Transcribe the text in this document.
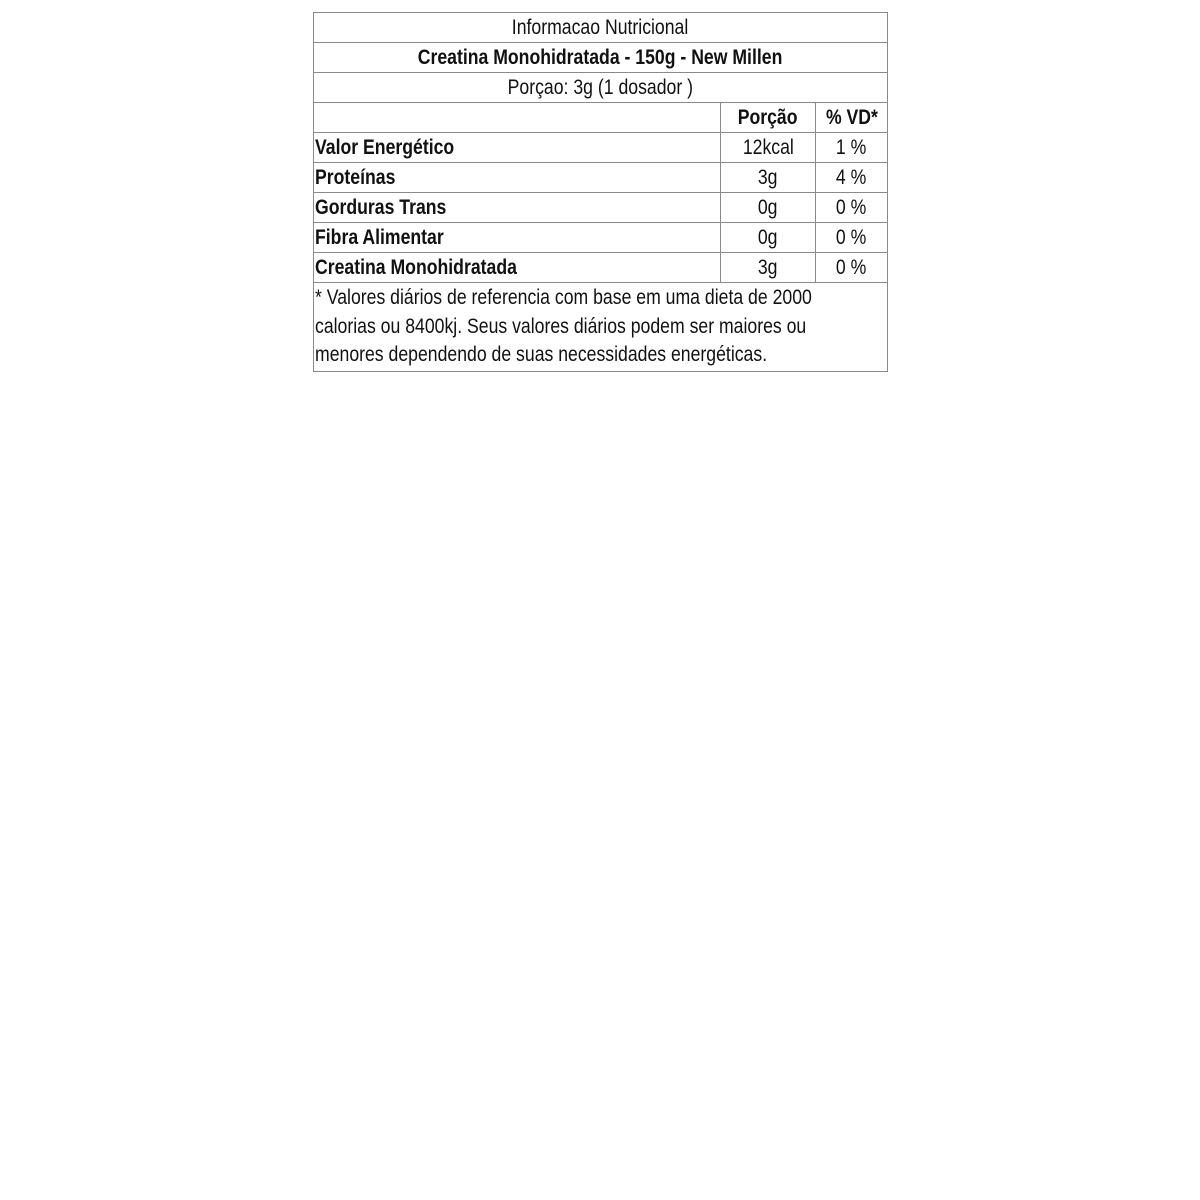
Informacao Nutricional		
Creatina Monohidratada - 150g - New Millen		
Porçao: 3g (1 dosador )		
	Porção	% VD*
Valor Energético	12kcal	1 %
Proteínas	3g	4 %
Gorduras Trans	0g	0 %
Fibra Alimentar	0g	0 %
Creatina Monohidratada	3g	0 %

* Valores diários de referencia com base em uma dieta de 2000
calorias ou 8400kj. Seus valores diários podem ser maiores ou
menores dependendo de suas necessidades energéticas.		
